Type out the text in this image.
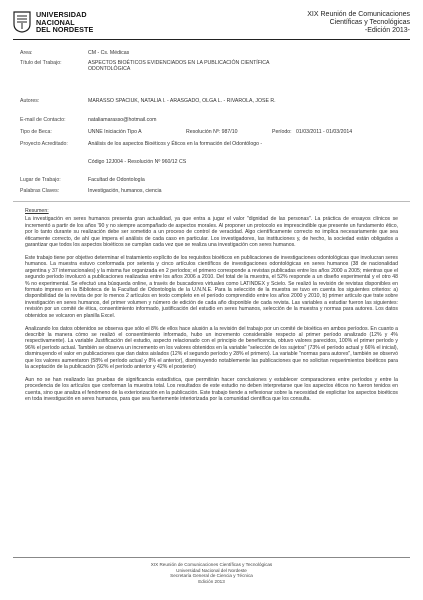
UNIVERSIDAD
NACIONAL
DEL NORDESTE
XIX Reunión de Comunicaciones
Científicas y Tecnológicas
-Edición 2013-
Area:	CM - Cs. Médicas
Título del Trabajo:	ASPECTOS BIOÉTICOS EVIDENCIADOS EN LA PUBLICACIÓN CIENTÍFICA
ODONTOLÓGICA
Autores:	MARASSO SPACIUK, NATALIA I. - ARASGADO, OLGA L. - RIVAROLA, JOSE R.
E-mail de Contacto:	nataliamarasso@hotmail.com
Tipo de Beca:	UNNE Iniciación Tipo A	Resolución Nº: 987/10	Período: 01/03/2011 - 01/03/2014
Proyecto Acreditado:	Análisis de los aspectos Bioéticos y Éticos en la formación del Odontólogo -
Código 12J004 - Resolución Nº 960/12 CS
Lugar de Trabajo:	Facultad de Odontología
Palabras Claves:	Investigación, humanos, ciencia
Resumen:

La investigación en seres humanos presenta gran actualidad, ya que entra a jugar el valor "dignidad de las personas". La práctica de ensayos clínicos se incrementó a partir de los años '90 y no siempre acompañado de aspectos morales. Al proponer un protocolo es imprescindible que presente un fundamento ético, por lo tanto durante su realización debe ser sometido a un proceso de control de veracidad. Algo científicamente correcto no implica necesariamente que sea éticamente correcto, de ahí que impera el análisis de cada caso en particular. Los investigadores, las instituciones y, de hecho, la sociedad están obligados a garantizar que todos los aspectos bioéticos se cumplan cada vez que se realiza una investigación con seres humanos.

Este trabajo tiene por objetivo determinar el tratamiento explícito de los requisitos bioéticos en publicaciones de investigaciones odontológicas que involucran seres humanos. La muestra estuvo conformada por setenta y cinco artículos científicos de investigaciones odontológicas en seres humanos (38 de nacionalidad argentina y 37 internacionales) y la misma fue organizada en 2 períodos; el primero corresponde a revistas publicadas entre los años 2000 a 2005; mientras que el segundo período involucró a publicaciones realizadas entre los años 2006 a 2010. Del total de la muestra, el 52% responde a un diseño experimental y el otro 48 % no experimental. Se efectuó una búsqueda online, a través de buscadores virtuales como LATINDEX y Scielo. Se realizó la revisión de revistas disponibles en formato impreso en la Biblioteca de la Facultad de Odontología de la U.N.N.E. Para la selección de la muestra se tuvo en cuenta los siguientes criterios: a) disponibilidad de la revista de por lo menos 2 artículos en texto completo en el período comprendido entre los años 2000 y 2010, b) primer artículo que trate sobre investigación en seres humanos, del primer volumen y número de edición de cada año disponible de cada revista. Las variables a estudiar fueron las siguientes: revisión por un comité de ética, consentimiento informado, justificación del estudio en seres humanos, selección de la muestra y normas para autores. Los datos obtenidos se volcaron en planilla Excel.

Analizando los datos obtenidos se observa que sólo el 8% de ellos hace alusión a la revisión del trabajo por un comité de bioética en ambos períodos. En cuanto a describir la manera cómo se realizó el consentimiento informado, hubo un incremento considerable respecto al primer período analizado (12% y 4% respectivamente). La variable Justificación del estudio, aspecto relacionado con el principio de beneficencia, obtuvo valores parecidos, 100% el primer período y 96% el período actual. También se observa un incremento en los valores obtenidos en la variable "selección de los sujetos" (73% el período actual y 66% el inicial), disminuyendo el valor en publicaciones que dan datos aislados (12% el segundo período y 28% el primero). La variable "normas para autores", también se observó que los valores aumentaron (58% el período actual y 8% el anterior), disminuyendo notablemente las publicaciones que no solicitan requerimientos bioéticos para la aceptación de la publicación (92% el período anterior y 42% el posterior)

Aun no se han realizado las pruebas de significancia estadística, que permitirán hacer conclusiones y establecer comparaciones entre períodos y entre la procedencia de los artículos que conforman la muestra total. Los resultados de este estudio no deben interpretarse que los aspectos éticos no fueron tenidos en cuenta, sino que analiza el fenómeno de la exteriorización en la publicación. Este trabajo tiende a reflexionar sobre la necesidad de explicitar los aspectos bioéticos en toda investigación en seres humanos, para que sea fuertemente interiorizada por la comunidad científica que los consulta.

XIX Reunión de Comunicaciones Científicas y Tecnológicas
Universidad Nacional del Nordeste
Secretaría General de Ciencia y Técnica
Edición 2013
